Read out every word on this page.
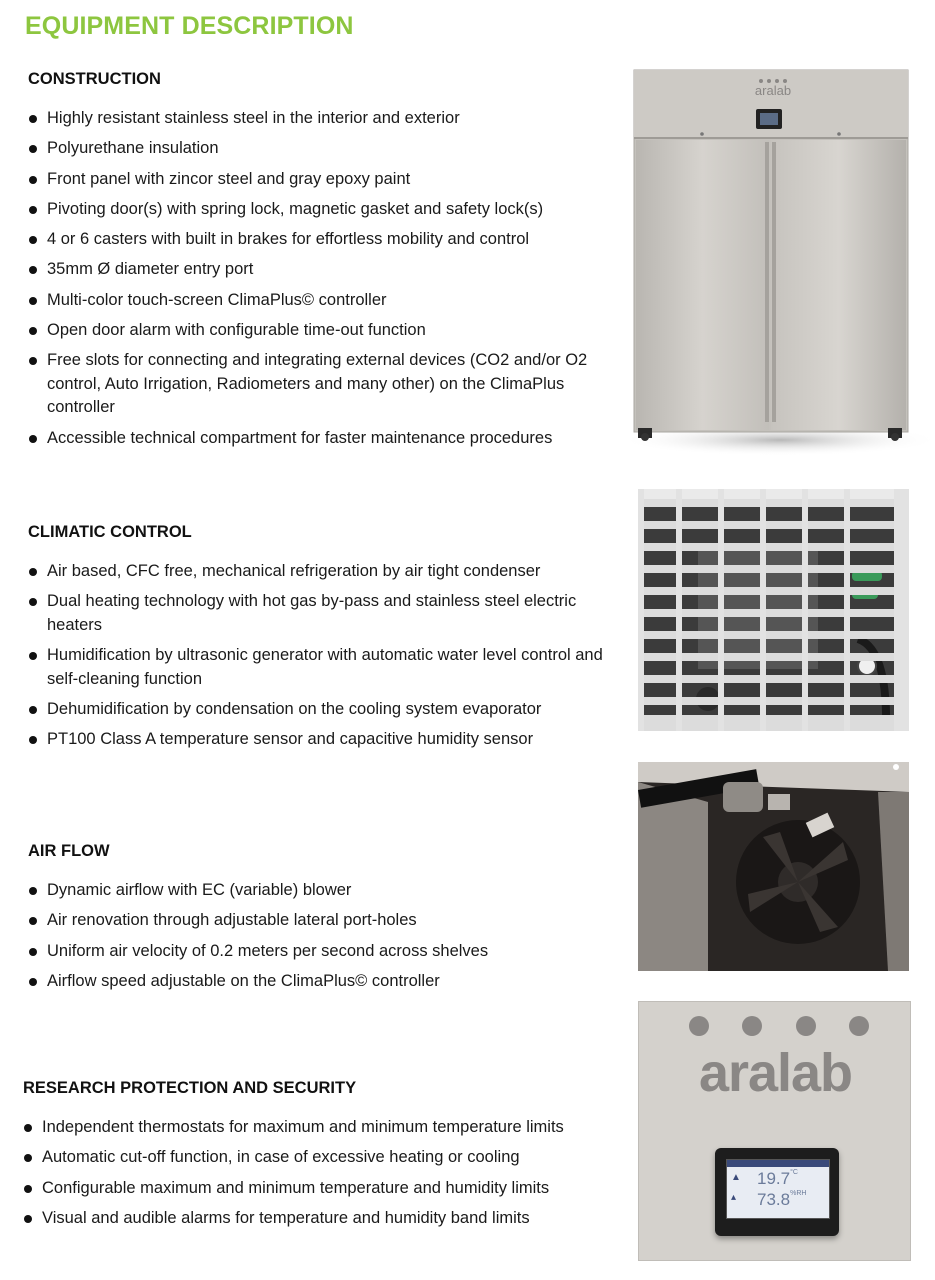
EQUIPMENT DESCRIPTION
CONSTRUCTION
Highly resistant stainless steel in the interior and exterior
Polyurethane insulation
Front panel with zincor steel and gray epoxy paint
Pivoting door(s) with spring lock, magnetic gasket and safety lock(s)
4 or 6 casters with built in brakes for effortless mobility and control
35mm Ø diameter entry port
Multi-color touch-screen ClimaPlus© controller
Open door alarm with configurable time-out function
Free slots for connecting and integrating external devices (CO2 and/or O2 control, Auto Irrigation, Radiometers and many other) on the ClimaPlus controller
Accessible technical compartment for faster maintenance procedures
CLIMATIC CONTROL
Air based, CFC free, mechanical refrigeration by air tight condenser
Dual heating technology with hot gas by-pass and stainless steel electric heaters
Humidification by ultrasonic generator with automatic water level control and self-cleaning function
Dehumidification by condensation on the cooling system evaporator
PT100 Class A temperature sensor and capacitive humidity sensor
AIR FLOW
Dynamic airflow with EC (variable) blower
Air renovation through adjustable lateral port-holes
Uniform air velocity of 0.2 meters per second across shelves
Airflow speed adjustable on the ClimaPlus© controller
RESEARCH PROTECTION AND SECURITY
Independent thermostats for maximum and minimum temperature limits
Automatic cut-off function, in case of excessive heating or cooling
Configurable maximum and minimum temperature and humidity limits
Visual and audible alarms for temperature and humidity band limits
aralab
aralab
▲
▴
$19.7^{^\circ C}$
$73.8^{\%RH}$
